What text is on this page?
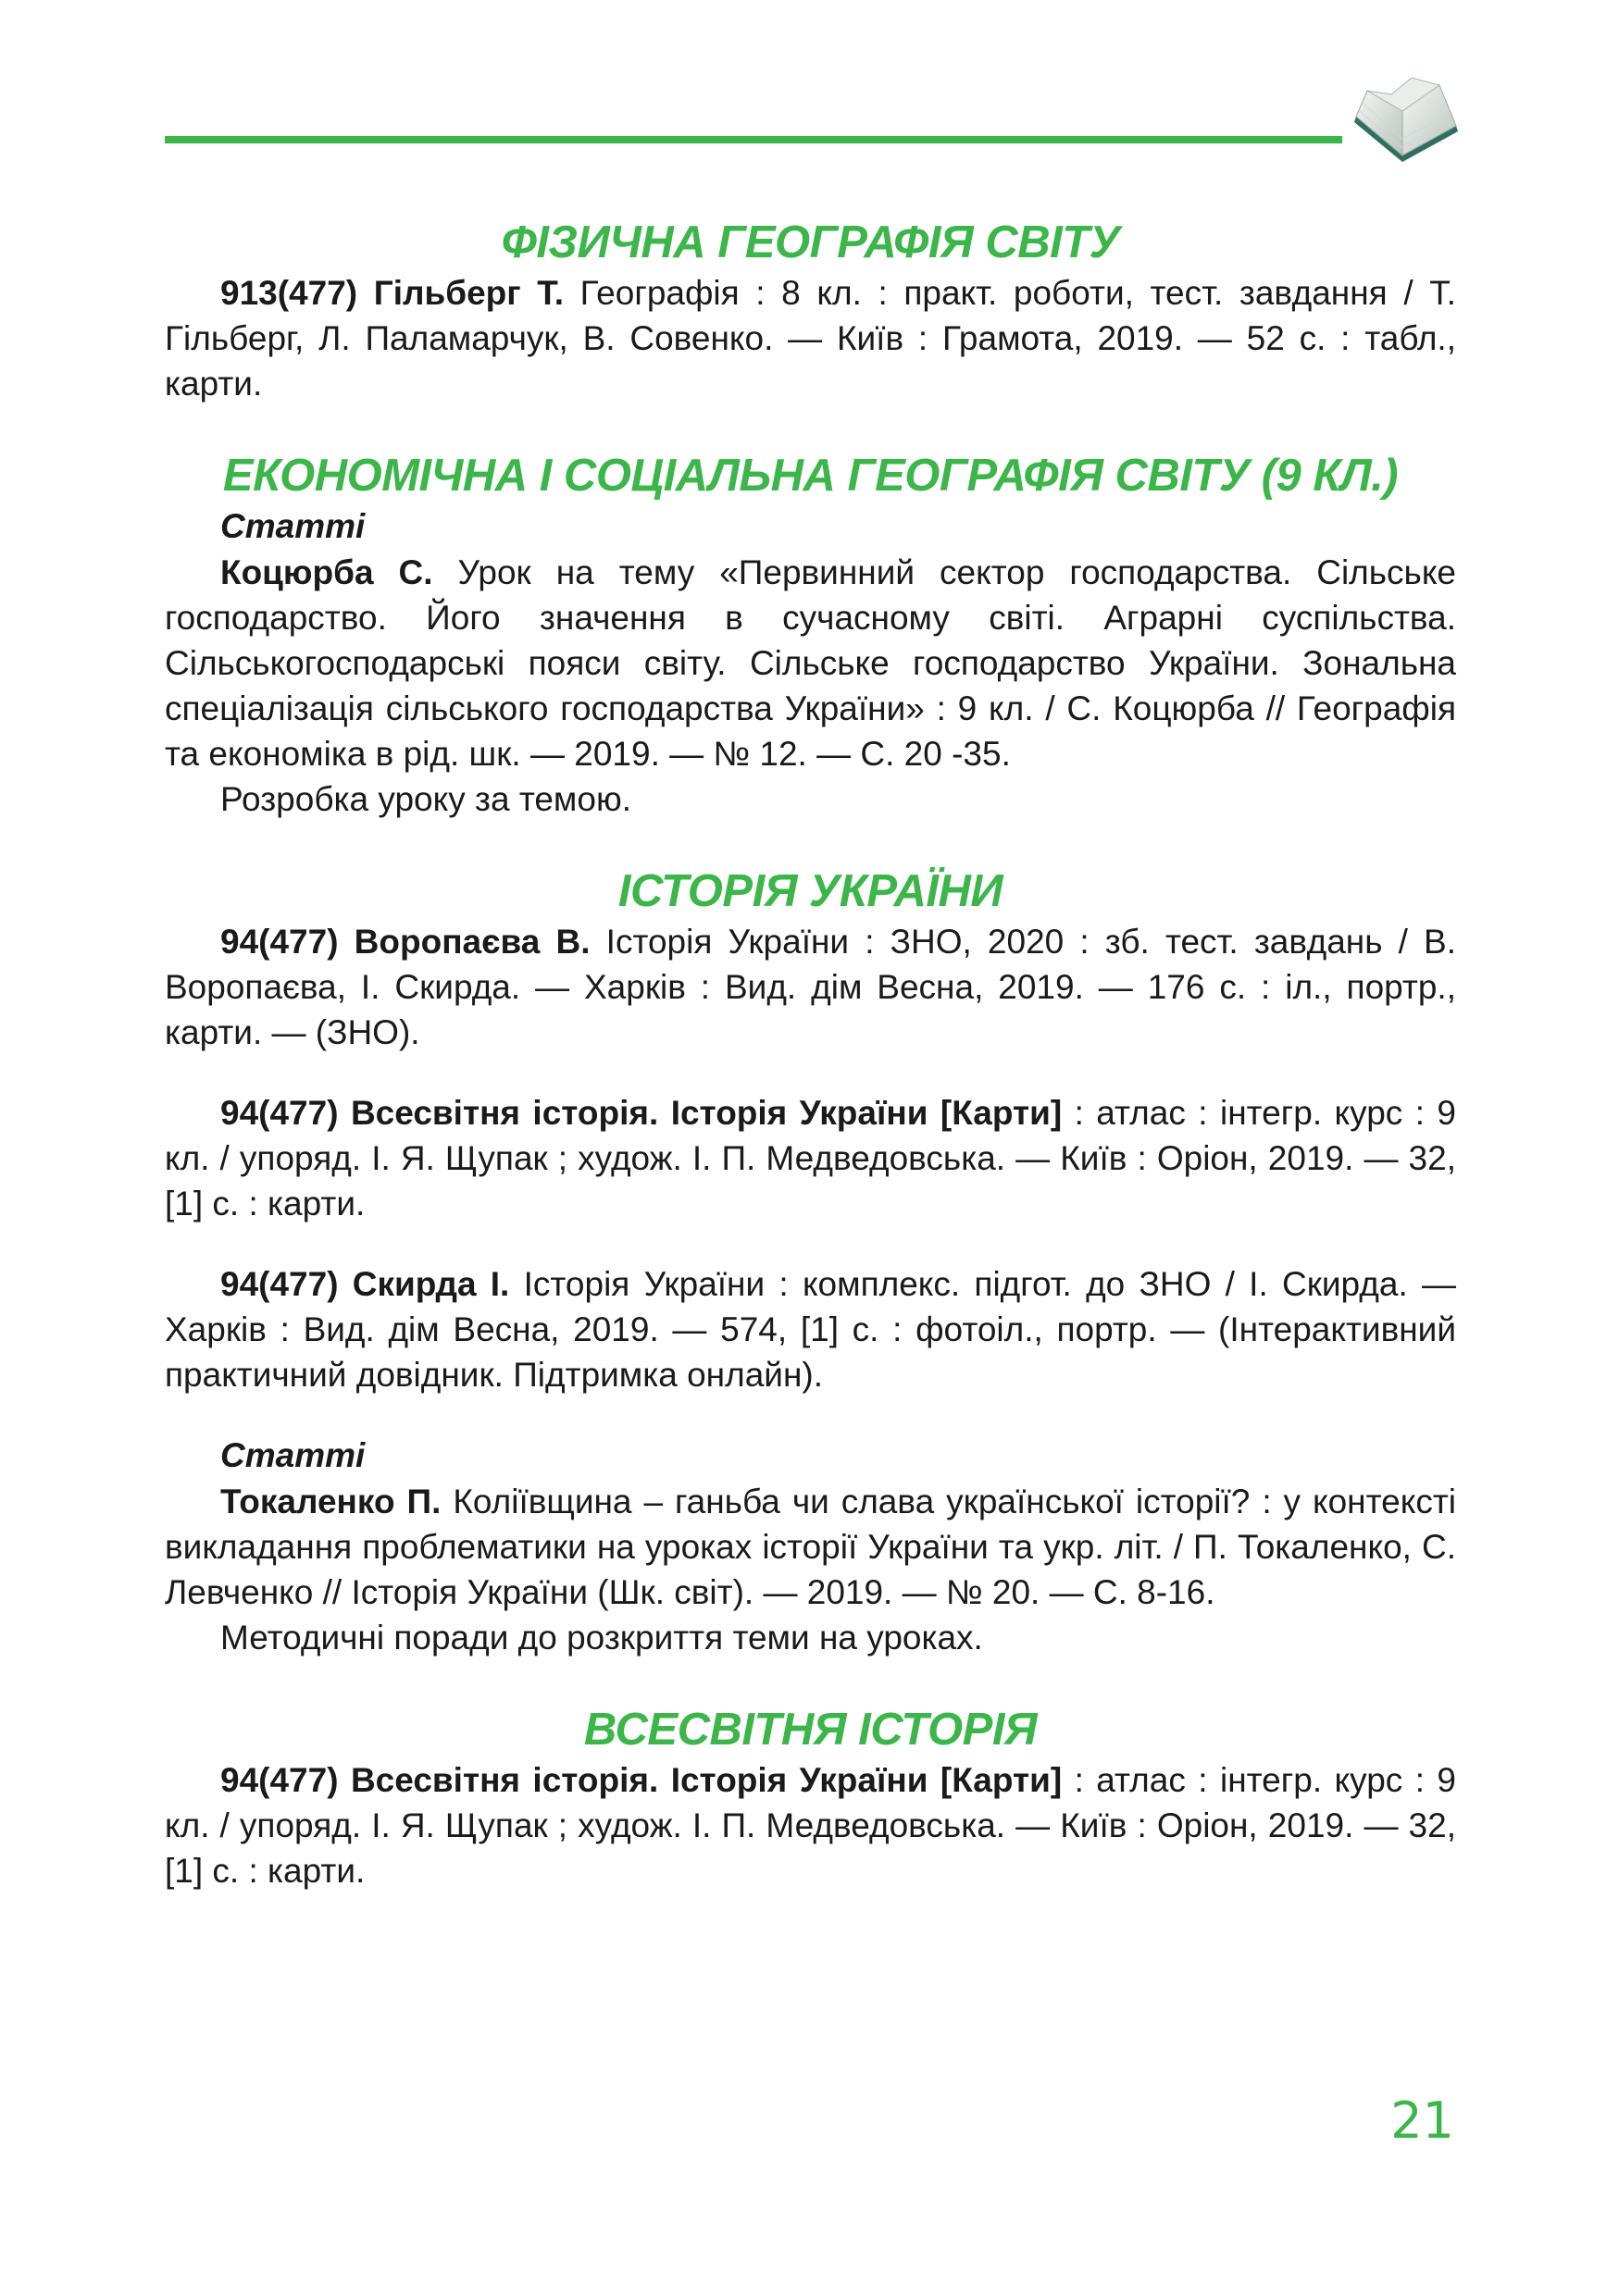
ФІЗИЧНА ГЕОГРАФІЯ СВІТУ

913(477) Гільберг Т. Географія : 8 кл. : практ. роботи, тест. завдання / Т. Гільберг, Л. Паламарчук, В. Совенко. — Київ : Грамота, 2019. — 52 с. : табл., карти.

ЕКОНОМІЧНА І СОЦІАЛЬНА ГЕОГРАФІЯ СВІТУ (9 КЛ.)

Статті

Коцюрба С. Урок на тему «Первинний сектор господарства. Сільське господарство. Його значення в сучасному світі. Аграрні суспільства. Сільськогосподарські пояси світу. Сільське господарство України. Зональна спеціалізація сільського господарства України» : 9 кл. / С. Коцюрба // Географія та економіка в рід. шк. — 2019. — № 12. — С. 20 -35.

Розробка уроку за темою.

ІСТОРІЯ УКРАЇНИ

94(477) Воропаєва В. Історія України : ЗНО, 2020 : зб. тест. завдань / В. Воропаєва, І. Скирда. — Харків : Вид. дім Весна, 2019. — 176 с. : іл., портр., карти. — (ЗНО).

94(477) Всесвітня історія. Історія України [Карти] : атлас : інтегр. курс : 9 кл. / упоряд. І. Я. Щупак ; худож. І. П. Медведовська. — Київ : Оріон, 2019. — 32, [1] с. : карти.

94(477) Скирда І. Історія України : комплекс. підгот. до ЗНО / І. Скирда. — Харків : Вид. дім Весна, 2019. — 574, [1] с. : фотоіл., портр. — (Інтерактивний практичний довідник. Підтримка онлайн).

Статті

Токаленко П. Коліївщина – ганьба чи слава української історії? : у контексті викладання проблематики на уроках історії України та укр. літ. / П. Токаленко, С. Левченко // Історія України (Шк. світ). — 2019. — № 20. — С. 8-16.

Методичні поради до розкриття теми на уроках.

ВСЕСВІТНЯ ІСТОРІЯ

94(477) Всесвітня історія. Історія України [Карти] : атлас : інтегр. курс : 9 кл. / упоряд. І. Я. Щупак ; худож. І. П. Медведовська. — Київ : Оріон, 2019. — 32, [1] с. : карти.

21
